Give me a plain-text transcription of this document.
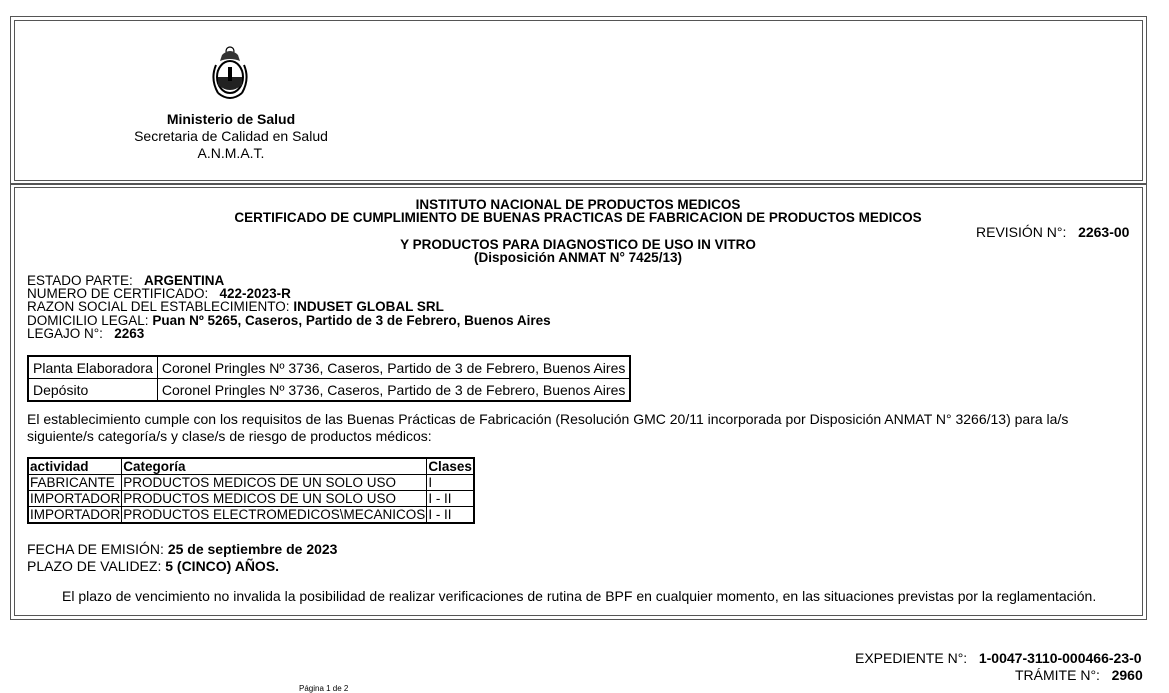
Ministerio de Salud
Secretaria de Calidad en Salud
A.N.M.A.T.
INSTITUTO NACIONAL DE PRODUCTOS MEDICOS
CERTIFICADO DE CUMPLIMIENTO DE BUENAS PRACTICAS DE FABRICACION DE PRODUCTOS MEDICOS
Y PRODUCTOS PARA DIAGNOSTICO DE USO IN VITRO
(Disposición ANMAT N° 7425/13)
REVISIÓN N°: 2263-00
ESTADO PARTE: ARGENTINA
NUMERO DE CERTIFICADO: 422-2023-R
RAZON SOCIAL DEL ESTABLECIMIENTO: INDUSET GLOBAL SRL
DOMICILIO LEGAL: Puan Nº 5265, Caseros, Partido de 3 de Febrero, Buenos Aires
LEGAJO N°: 2263
Planta Elaboradora	Coronel Pringles Nº 3736, Caseros, Partido de 3 de Febrero, Buenos Aires
Depósito	Coronel Pringles Nº 3736, Caseros, Partido de 3 de Febrero, Buenos Aires
El establecimiento cumple con los requisitos de las Buenas Prácticas de Fabricación (Resolución GMC 20/11 incorporada por Disposición ANMAT N° 3266/13) para la/s siguiente/s categoría/s y clase/s de riesgo de productos médicos:
actividad	Categoría	Clases
FABRICANTE	PRODUCTOS MEDICOS DE UN SOLO USO	I
IMPORTADOR	PRODUCTOS MEDICOS DE UN SOLO USO	I - II
IMPORTADOR	PRODUCTOS ELECTROMEDICOS\MECANICOS	I - II
FECHA DE EMISIÓN: 25 de septiembre de 2023
PLAZO DE VALIDEZ: 5 (CINCO) AÑOS.
El plazo de vencimiento no invalida la posibilidad de realizar verificaciones de rutina de BPF en cualquier momento, en las situaciones previstas por la reglamentación.
EXPEDIENTE N°: 1-0047-3110-000466-23-0
TRÁMITE N°: 2960
Página 1 de 2
